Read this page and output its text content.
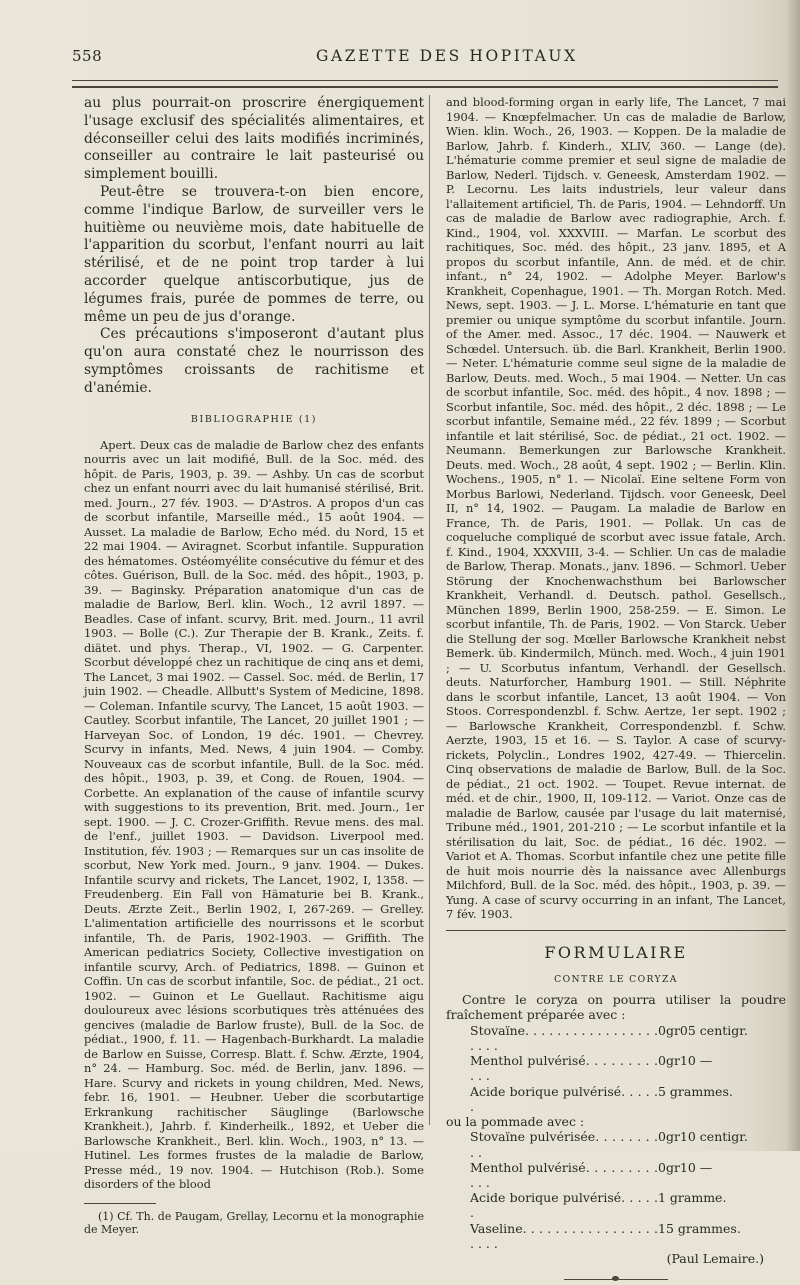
558	GAZETTE DES HOPITAUX

au plus pourrait-on proscrire énergiquement l'usage exclusif des spécialités alimentaires, et déconseiller celui des laits modifiés incriminés, conseiller au contraire le lait pasteurisé ou simplement bouilli.

Peut-être se trouvera-t-on bien encore, comme l'indique Barlow, de surveiller vers le huitième ou neuvième mois, date habituelle de l'apparition du scorbut, l'enfant nourri au lait stérilisé, et de ne point trop tarder à lui accorder quelque antiscorbutique, jus de légumes frais, purée de pommes de terre, ou même un peu de jus d'orange.

Ces précautions s'imposeront d'autant plus qu'on aura constaté chez le nourrisson des symptômes croissants de rachitisme et d'anémie.

BIBLIOGRAPHIE (1)

Apert. Deux cas de maladie de Barlow chez des enfants nourris avec un lait modifié, Bull. de la Soc. méd. des hôpit. de Paris, 1903, p. 39. — Ashby. Un cas de scorbut chez un enfant nourri avec du lait humanisé stérilisé, Brit. med. Journ., 27 fév. 1903. — D'Astros. A propos d'un cas de scorbut infantile, Marseille méd., 15 août 1904. — Ausset. La maladie de Barlow, Echo méd. du Nord, 15 et 22 mai 1904. — Aviragnet. Scorbut infantile. Suppuration des hématomes. Ostéomyélite consécutive du fémur et des côtes. Guérison, Bull. de la Soc. méd. des hôpit., 1903, p. 39. — Baginsky. Préparation anatomique d'un cas de maladie de Barlow, Berl. klin. Woch., 12 avril 1897. — Beadles. Case of infant. scurvy, Brit. med. Journ., 11 avril 1903. — Bolle (C.). Zur Therapie der B. Krank., Zeits. f. diätet. und phys. Therap., VI, 1902. — G. Carpenter. Scorbut développé chez un rachitique de cinq ans et demi, The Lancet, 3 mai 1902. — Cassel. Soc. méd. de Berlin, 17 juin 1902. — Cheadle. Allbutt's System of Medicine, 1898. — Coleman. Infantile scurvy, The Lancet, 15 août 1903. — Cautley. Scorbut infantile, The Lancet, 20 juillet 1901 ; — Harveyan Soc. of London, 19 déc. 1901. — Chevrey. Scurvy in infants, Med. News, 4 juin 1904. — Comby. Nouveaux cas de scorbut infantile, Bull. de la Soc. méd. des hôpit., 1903, p. 39, et Cong. de Rouen, 1904. — Corbette. An explanation of the cause of infantile scurvy with suggestions to its prevention, Brit. med. Journ., 1er sept. 1900. — J. C. Crozer-Griffith. Revue mens. des mal. de l'enf., juillet 1903. — Davidson. Liverpool med. Institution, fév. 1903 ; — Remarques sur un cas insolite de scorbut, New York med. Journ., 9 janv. 1904. — Dukes. Infantile scurvy and rickets, The Lancet, 1902, I, 1358. — Freudenberg. Ein Fall von Hämaturie bei B. Krank., Deuts. Ærzte Zeit., Berlin 1902, I, 267-269. — Grelley. L'alimentation artificielle des nourrissons et le scorbut infantile, Th. de Paris, 1902-1903. — Griffith. The American pediatrics Society, Collective investigation on infantile scurvy, Arch. of Pediatrics, 1898. — Guinon et Coffin. Un cas de scorbut infantile, Soc. de pédiat., 21 oct. 1902. — Guinon et Le Guellaut. Rachitisme aigu douloureux avec lésions scorbutiques très atténuées des gencives (maladie de Barlow fruste), Bull. de la Soc. de pédiat., 1900, f. 11. — Hagenbach-Burkhardt. La maladie de Barlow en Suisse, Corresp. Blatt. f. Schw. Ærzte, 1904, n° 24. — Hamburg. Soc. méd. de Berlin, janv. 1896. — Hare. Scurvy and rickets in young children, Med. News, febr. 16, 1901. — Heubner. Ueber die scorbutartige Erkrankung rachitischer Säuglinge (Barlowsche Krankheit.), Jahrb. f. Kinderheilk., 1892, et Ueber die Barlowsche Krankheit., Berl. klin. Woch., 1903, n° 13. — Hutinel. Les formes frustes de la maladie de Barlow, Presse méd., 19 nov. 1904. — Hutchison (Rob.). Some disorders of the blood

(1) Cf. Th. de Paugam, Grellay, Lecornu et la monographie de Meyer.

and blood-forming organ in early life, The Lancet, 7 mai 1904. — Knœpfelmacher. Un cas de maladie de Barlow, Wien. klin. Woch., 26, 1903. — Koppen. De la maladie de Barlow, Jahrb. f. Kinderh., XLIV, 360. — Lange (de). L'hématurie comme premier et seul signe de maladie de Barlow, Nederl. Tijdsch. v. Geneesk, Amsterdam 1902. — P. Lecornu. Les laits industriels, leur valeur dans l'allaitement artificiel, Th. de Paris, 1904. — Lehndorff. Un cas de maladie de Barlow avec radiographie, Arch. f. Kind., 1904, vol. XXXVIII. — Marfan. Le scorbut des rachitiques, Soc. méd. des hôpit., 23 janv. 1895, et A propos du scorbut infantile, Ann. de méd. et de chir. infant., n° 24, 1902. — Adolphe Meyer. Barlow's Krankheit, Copenhague, 1901. — Th. Morgan Rotch. Med. News, sept. 1903. — J. L. Morse. L'hématurie en tant que premier ou unique symptôme du scorbut infantile. Journ. of the Amer. med. Assoc., 17 déc. 1904. — Nauwerk et Schœdel. Untersuch. üb. die Barl. Krankheit, Berlin 1900. — Neter. L'hématurie comme seul signe de la maladie de Barlow, Deuts. med. Woch., 5 mai 1904. — Netter. Un cas de scorbut infantile, Soc. méd. des hôpit., 4 nov. 1898 ; — Scorbut infantile, Soc. méd. des hôpit., 2 déc. 1898 ; — Le scorbut infantile, Semaine méd., 22 fév. 1899 ; — Scorbut infantile et lait stérilisé, Soc. de pédiat., 21 oct. 1902. — Neumann. Bemerkungen zur Barlowsche Krankheit. Deuts. med. Woch., 28 août, 4 sept. 1902 ; — Berlin. Klin. Wochens., 1905, n° 1. — Nicolaï. Eine seltene Form von Morbus Barlowi, Nederland. Tijdsch. voor Geneesk, Deel II, n° 14, 1902. — Paugam. La maladie de Barlow en France, Th. de Paris, 1901. — Pollak. Un cas de coqueluche compliqué de scorbut avec issue fatale, Arch. f. Kind., 1904, XXXVIII, 3-4. — Schlier. Un cas de maladie de Barlow, Therap. Monats., janv. 1896. — Schmorl. Ueber Störung der Knochenwachsthum bei Barlowscher Krankheit, Verhandl. d. Deutsch. pathol. Gesellsch., München 1899, Berlin 1900, 258-259. — E. Simon. Le scorbut infantile, Th. de Paris, 1902. — Von Starck. Ueber die Stellung der sog. Mœller Barlowsche Krankheit nebst Bemerk. üb. Kindermilch, Münch. med. Woch., 4 juin 1901 ; — U. Scorbutus infantum, Verhandl. der Gesellsch. deuts. Naturforcher, Hamburg 1901. — Still. Néphrite dans le scorbut infantile, Lancet, 13 août 1904. — Von Stoos. Correspondenzbl. f. Schw. Aertze, 1er sept. 1902 ; — Barlowsche Krankheit, Correspondenzbl. f. Schw. Aerzte, 1903, 15 et 16. — S. Taylor. A case of scurvy-rickets, Polyclin., Londres 1902, 427-49. — Thiercelin. Cinq observations de maladie de Barlow, Bull. de la Soc. de pédiat., 21 oct. 1902. — Toupet. Revue internat. de méd. et de chir., 1900, II, 109-112. — Variot. Onze cas de maladie de Barlow, causée par l'usage du lait maternisé, Tribune méd., 1901, 201-210 ; — Le scorbut infantile et la stérilisation du lait, Soc. de pédiat., 16 déc. 1902. — Variot et A. Thomas. Scorbut infantile chez une petite fille de huit mois nourrie dès la naissance avec Allenburgs Milchford, Bull. de la Soc. méd. des hôpit., 1903, p. 39. — Yung. A case of scurvy occurring in an infant, The Lancet, 7 fév. 1903.

FORMULAIRE
CONTRE LE CORYZA

Contre le coryza on pourra utiliser la poudre fraîchement préparée avec :

Stovaïne. . . . . . . . . . . . . . . . . . . . .	0gr05 centigr.
Menthol pulvérisé. . . . . . . . . . . .	0gr10 —
Acide borique pulvérisé. . . . . .	5 grammes.

ou la pommade avec :

Stovaïne pulvérisée. . . . . . . . . .	0gr10 centigr.
Menthol pulvérisé. . . . . . . . . . . .	0gr10 —
Acide borique pulvérisé. . . . . .	1 gramme.
Vaseline. . . . . . . . . . . . . . . . . . . . .	15 grammes.

(Paul Lemaire.)
